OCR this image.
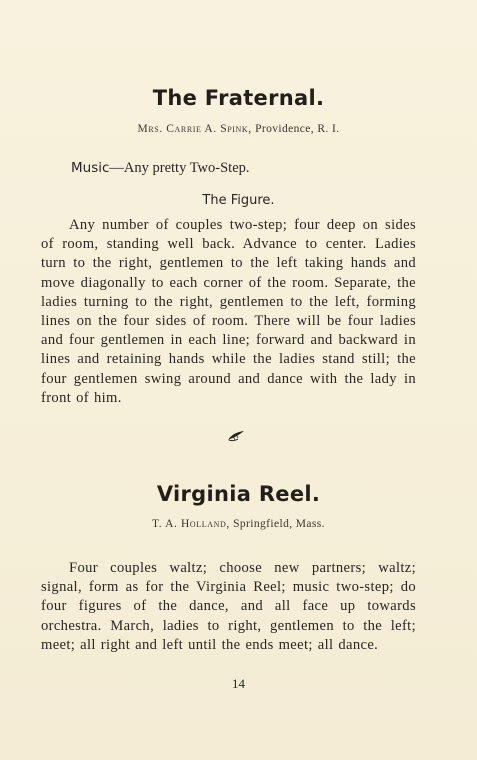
The Fraternal.
Mrs. Carrie A. Spink, Providence, R. I.
Music—Any pretty Two-Step.
The Figure.

Any number of couples two-step; four deep on sides of room, standing well back. Advance to center. Ladies turn to the right, gentlemen to the left taking hands and move diagonally to each corner of the room. Separate, the ladies turning to the right, gentlemen to the left, forming lines on the four sides of room. There will be four ladies and four gentlemen in each line; forward and backward in lines and retaining hands while the ladies stand still; the four gentlemen swing around and dance with the lady in front of him.

Virginia Reel.
T. A. Holland, Springfield, Mass.

Four couples waltz; choose new partners; waltz; signal, form as for the Virginia Reel; music two-step; do four figures of the dance, and all face up towards orchestra. March, ladies to right, gentlemen to the left; meet; all right and left until the ends meet; all dance.

14
